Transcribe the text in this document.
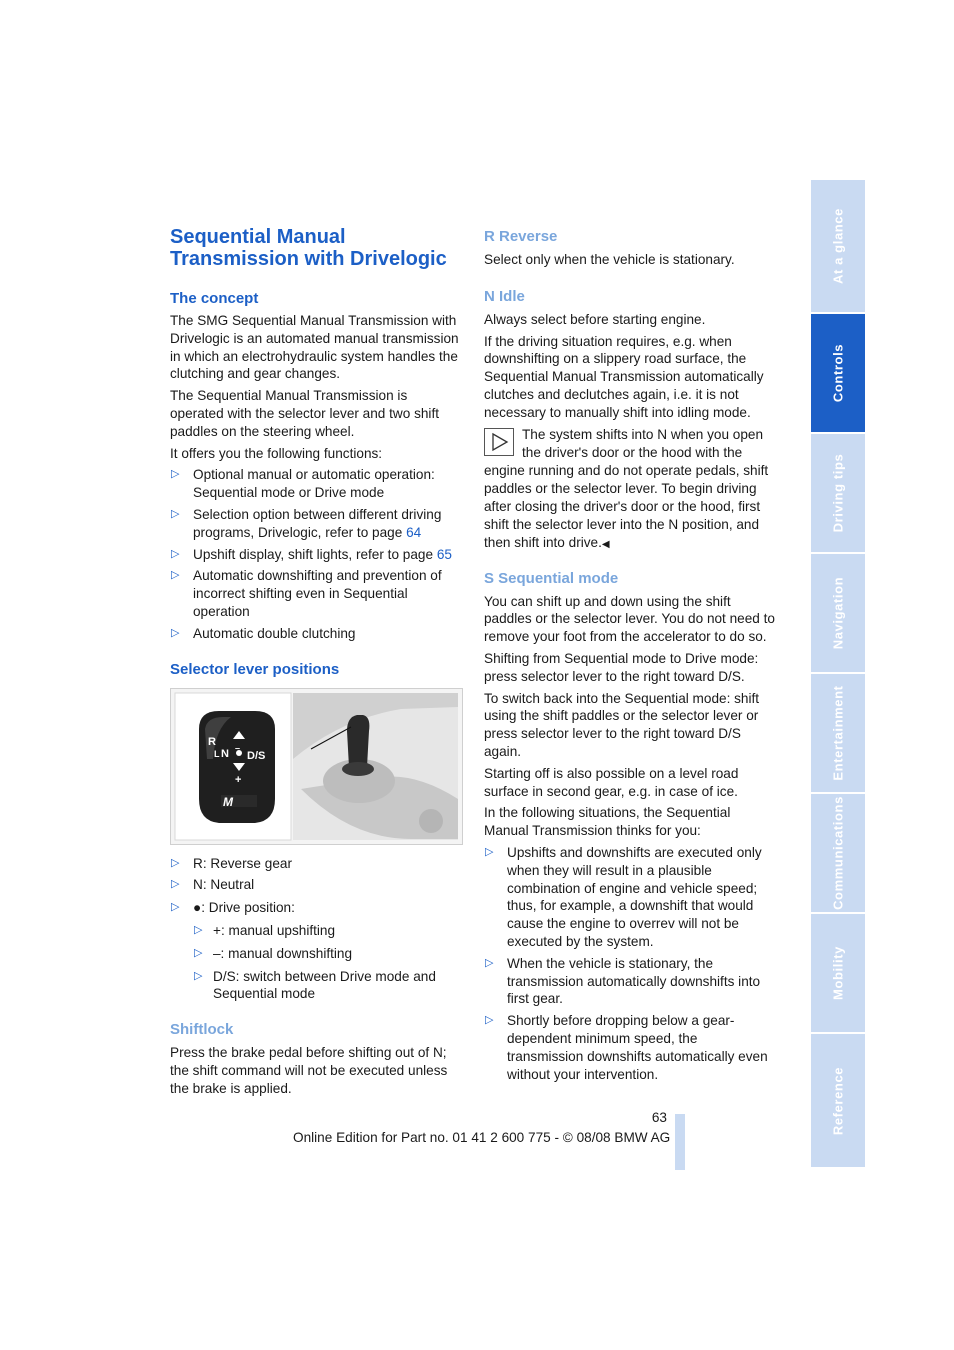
Sequential Manual
Transmission with Drivelogic
The concept

The SMG Sequential Manual Transmission with Drivelogic is an automated manual transmission in which an electrohydraulic system handles the clutching and gear changes.

The Sequential Manual Transmission is operated with the selector lever and two shift paddles on the steering wheel.

It offers you the following functions:

▷ Optional manual or automatic operation: Sequential mode or Drive mode
▷ Selection option between different driving programs, Drivelogic, refer to page 64
▷ Upshift display, shift lights, refer to page 65
▷ Automatic downshifting and prevention of incorrect shifting even in Sequential operation
▷ Automatic double clutching
Selector lever positions
R
L N D/S
–
+
M
▷ R: Reverse gear
▷ N: Neutral
▷ ●: Drive position:
▷ +: manual upshifting
▷ –: manual downshifting
▷ D/S: switch between Drive mode and Sequential mode
Shiftlock

Press the brake pedal before shifting out of N; the shift command will not be executed unless the brake is applied.

R Reverse

Select only when the vehicle is stationary.

N Idle

Always select before starting engine.

If the driving situation requires, e.g. when downshifting on a slippery road surface, the Sequential Manual Transmission automatically clutches and declutches again, i.e. it is not necessary to manually shift into idling mode.

The system shifts into N when you open the driver's door or the hood with the engine running and do not operate pedals, shift paddles or the selector lever. To begin driving after closing the driver's door or the hood, first shift the selector lever into the N position, and then shift into drive.

◀
S Sequential mode

You can shift up and down using the shift paddles or the selector lever. You do not need to remove your foot from the accelerator to do so.

Shifting from Sequential mode to Drive mode: press selector lever to the right toward D/S.

To switch back into the Sequential mode: shift using the shift paddles or the selector lever or press selector lever to the right toward D/S again.

Starting off is also possible on a level road surface in second gear, e.g. in case of ice.

In the following situations, the Sequential Manual Transmission thinks for you:

▷ Upshifts and downshifts are executed only when they will result in a plausible combination of engine and vehicle speed; thus, for example, a downshift that would cause the engine to overrev will not be executed by the system.
▷ When the vehicle is stationary, the transmission automatically downshifts into first gear.
▷ Shortly before dropping below a gear-dependent minimum speed, the transmission downshifts automatically even without your intervention.
At a glance
Controls
Driving tips
Navigation
Entertainment
Communications
Mobility
Reference
63
Online Edition for Part no. 01 41 2 600 775 - © 08/08 BMW AG
